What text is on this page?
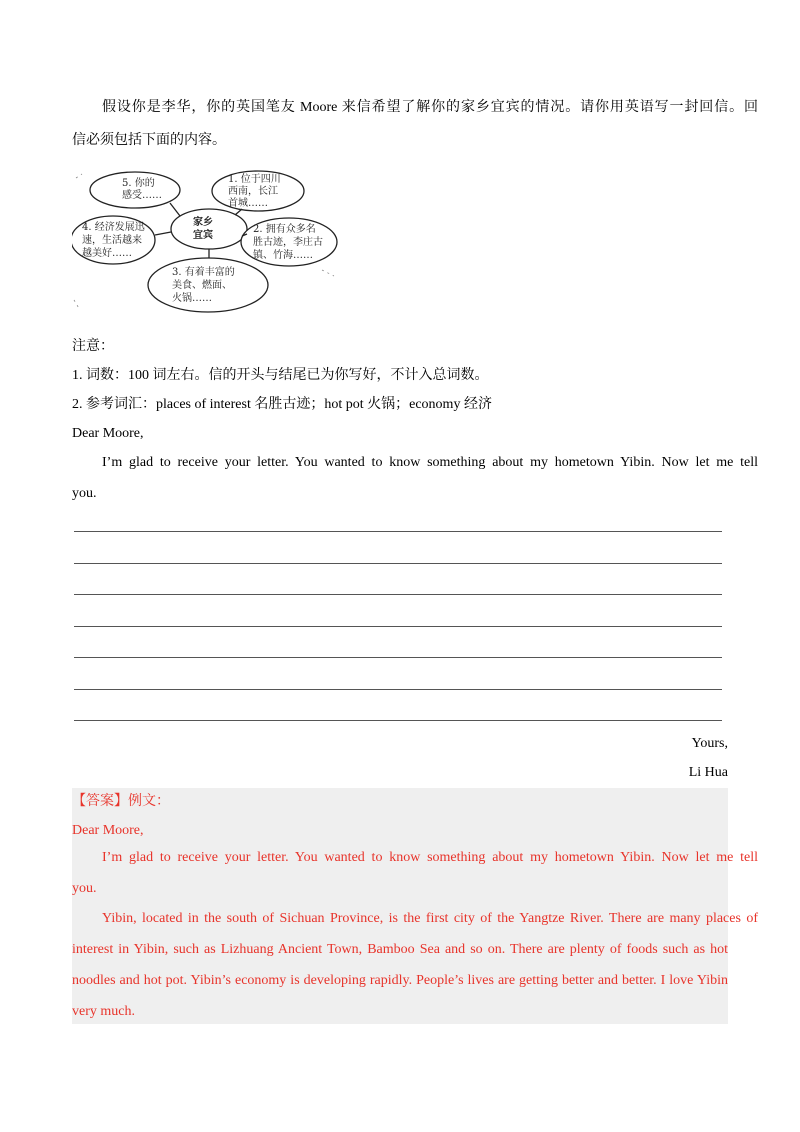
假设你是李华，你的英国笔友 Moore 来信希望了解你的家乡宜宾的情况。请你用英语写一封回信。回
信必须包括下面的内容。
注意：
1. 词数：100 词左右。信的开头与结尾已为你写好，不计入总词数。
2. 参考词汇：places of interest 名胜古迹；hot pot 火锅；economy 经济
Dear Moore,
I’m glad to receive your letter. You wanted to know something about my hometown Yibin. Now let me tell
you.
Yours,
Li Hua
家乡
宜宾
5. 你的
感受……
1. 位于四川
西南，长江
首城……
4. 经济发展迅
速，生活越来
越美好……
2. 拥有众多名
胜古迹，李庄古
镇、竹海……
3. 有着丰富的
美食、燃面、
火锅……
【答案】例文：
Dear Moore,
I’m glad to receive your letter. You wanted to know something about my hometown Yibin. Now let me tell
you.
Yibin, located in the south of Sichuan Province, is the first city of the Yangtze River. There are many places of
interest in Yibin, such as Lizhuang Ancient Town, Bamboo Sea and so on. There are plenty of foods such as hot
noodles and hot pot. Yibin’s economy is developing rapidly. People’s lives are getting better and better. I love Yibin
very much.
